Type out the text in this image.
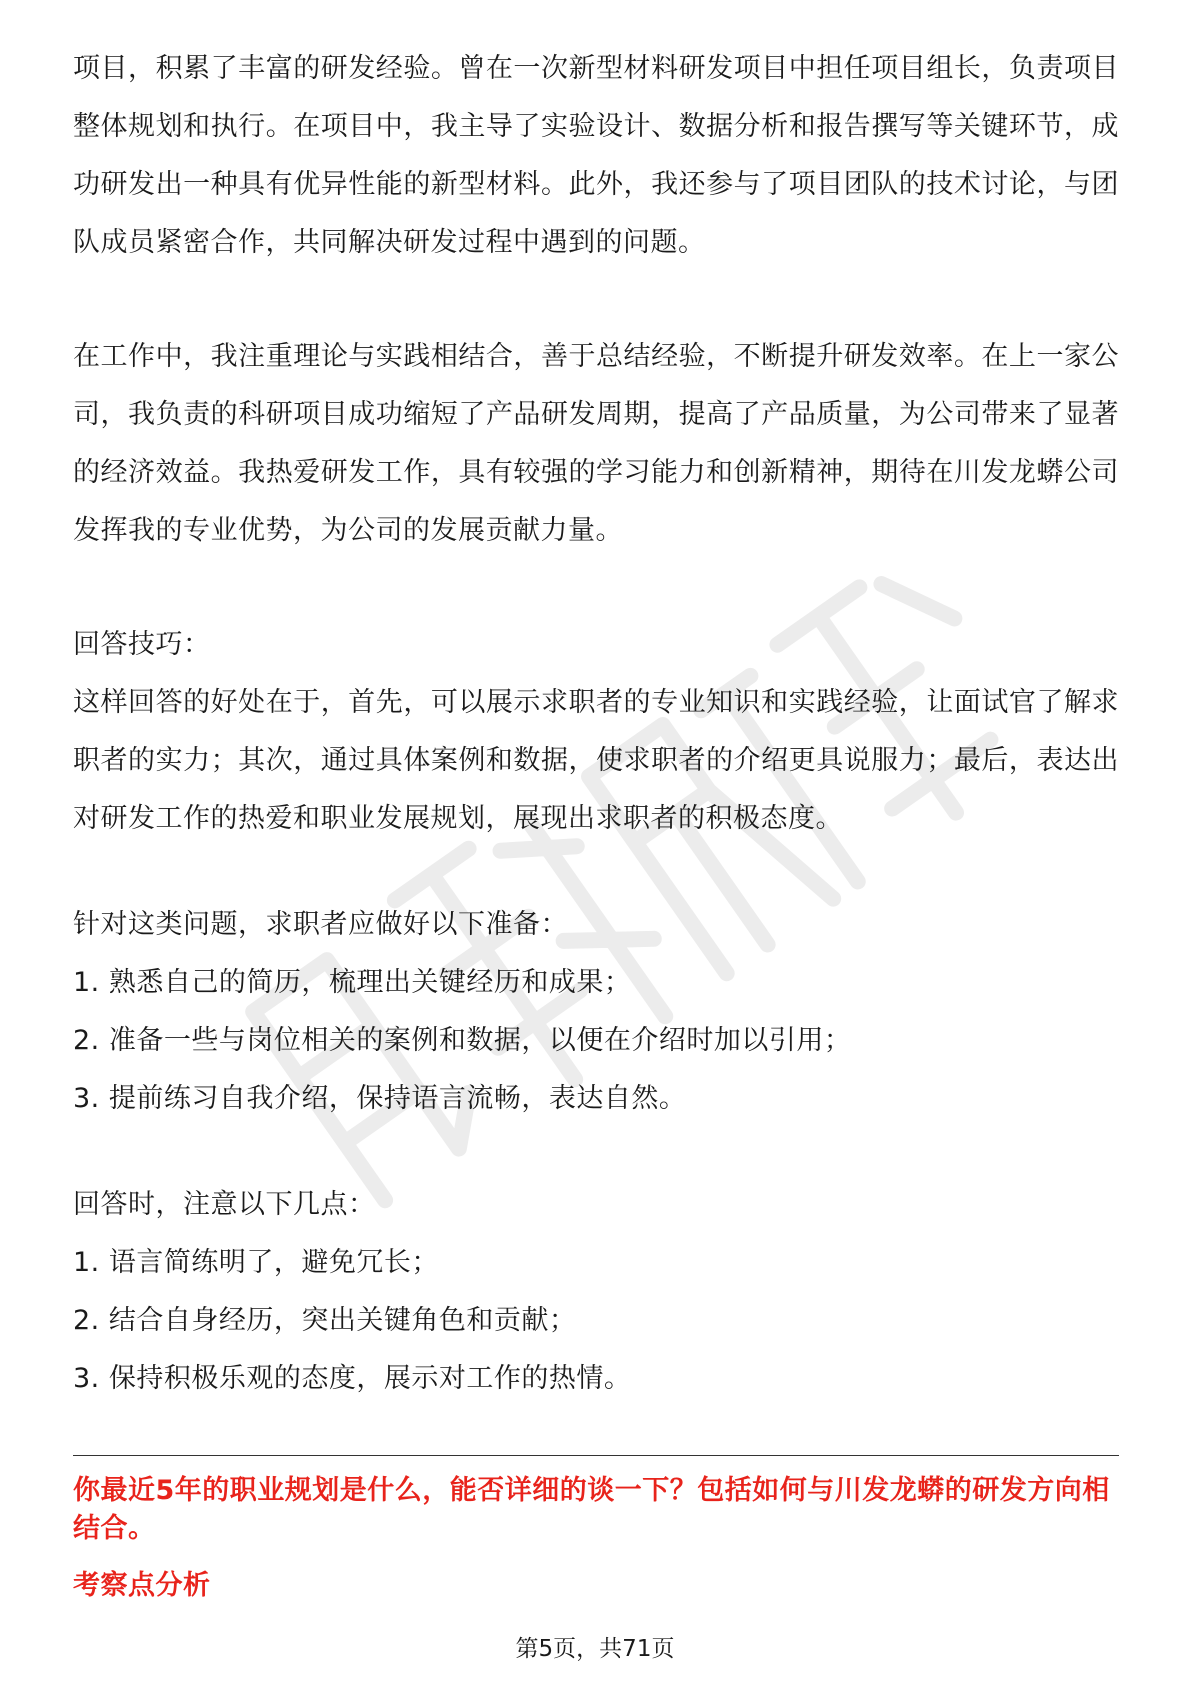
项目，积累了丰富的研发经验。曾在一次新型材料研发项目中担任项目组长，负责项目整体规划和执行。在项目中，我主导了实验设计、数据分析和报告撰写等关键环节，成功研发出一种具有优异性能的新型材料。此外，我还参与了项目团队的技术讨论，与团队成员紧密合作，共同解决研发过程中遇到的问题。

在工作中，我注重理论与实践相结合，善于总结经验，不断提升研发效率。在上一家公司，我负责的科研项目成功缩短了产品研发周期，提高了产品质量，为公司带来了显著的经济效益。我热爱研发工作，具有较强的学习能力和创新精神，期待在川发龙蟒公司发挥我的专业优势，为公司的发展贡献力量。

回答技巧：

这样回答的好处在于，首先，可以展示求职者的专业知识和实践经验，让面试官了解求职者的实力；其次，通过具体案例和数据，使求职者的介绍更具说服力；最后，表达出对研发工作的热爱和职业发展规划，展现出求职者的积极态度。

针对这类问题，求职者应做好以下准备：

1. 熟悉自己的简历，梳理出关键经历和成果；

2. 准备一些与岗位相关的案例和数据，以便在介绍时加以引用；

3. 提前练习自我介绍，保持语言流畅，表达自然。

回答时，注意以下几点：

1. 语言简练明了，避免冗长；

2. 结合自身经历，突出关键角色和贡献；

3. 保持积极乐观的态度，展示对工作的热情。

你最近5年的职业规划是什么，能否详细的谈一下？包括如何与川发龙蟒的研发方向相结合。

考察点分析

第5页，共71页
